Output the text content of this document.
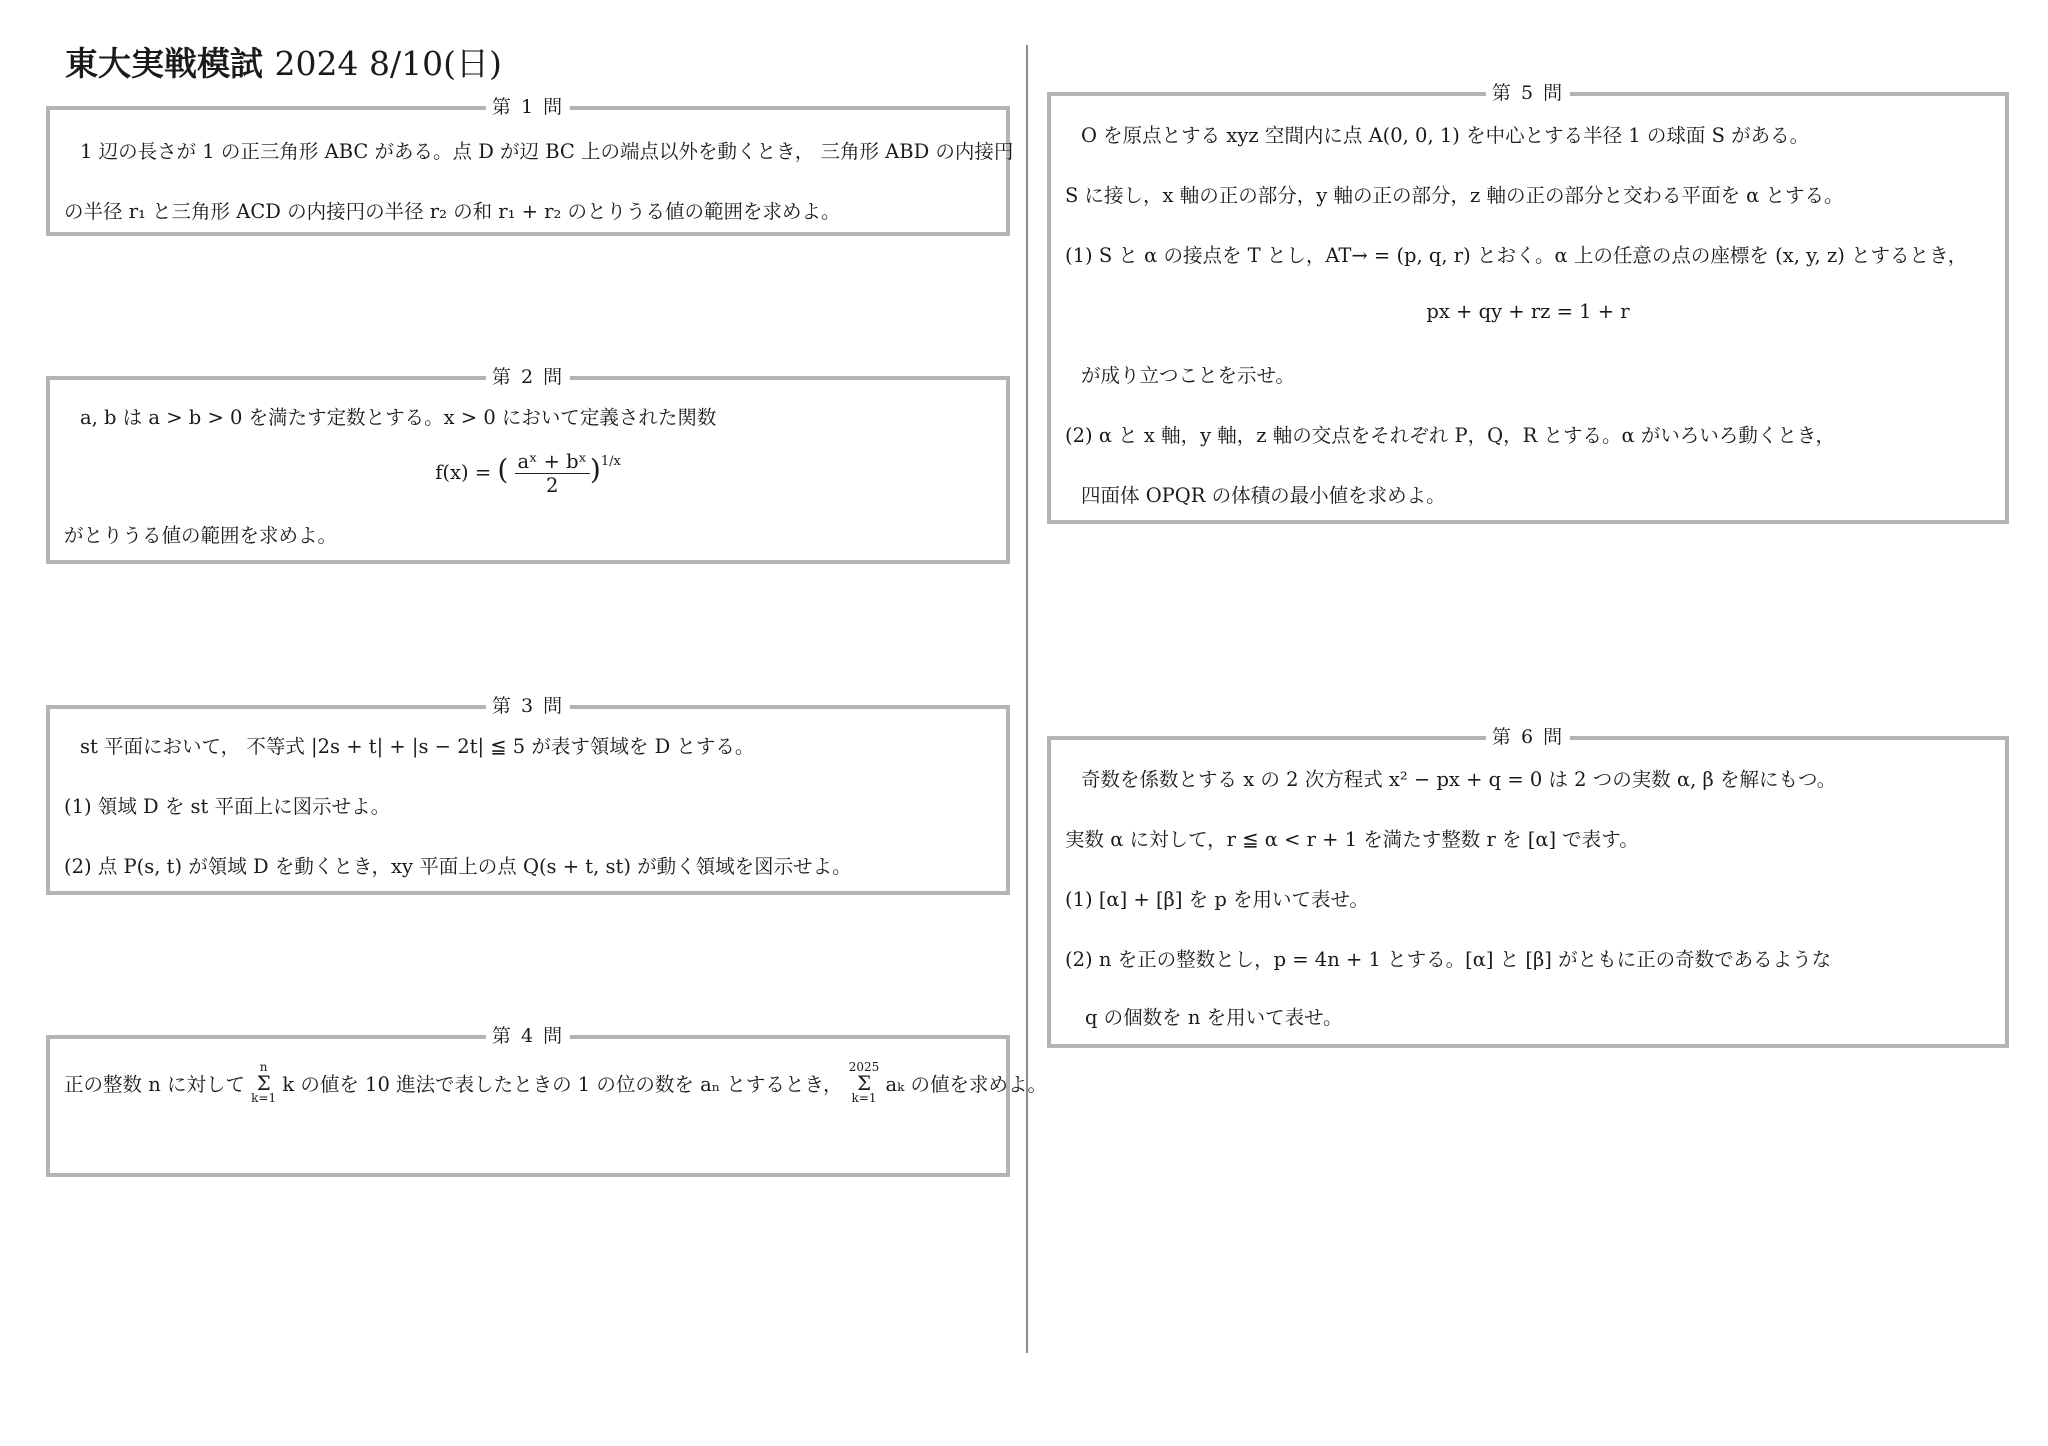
東大実戦模試 2024 8/10(日)
第 1 問
1 辺の長さが 1 の正三角形 ABC がある。点 D が辺 BC 上の端点以外を動くとき， 三角形 ABD の内接円
の半径 r₁ と三角形 ACD の内接円の半径 r₂ の和 r₁ + r₂ のとりうる値の範囲を求めよ。
第 2 問
a, b は a > b > 0 を満たす定数とする。x > 0 において定義された関数
f(x) = ( $\frac{\text{aˣ + bˣ}}{2} )^{1/x}$
がとりうる値の範囲を求めよ。
第 3 問
st 平面において， 不等式 |2s + t| + |s − 2t| ≦ 5 が表す領域を D とする。
(1) 領域 D を st 平面上に図示せよ。
(2) 点 P(s, t) が領域 D を動くとき，xy 平面上の点 Q(s + t, st) が動く領域を図示せよ。
第 4 問
正の整数 n に対して n
Σ
k=1 k の値を 10 進法で表したときの 1 の位の数を aₙ とするとき， 2025
Σ
k=1 aₖ の値を求めよ。
第 5 問
O を原点とする xyz 空間内に点 A(0, 0, 1) を中心とする半径 1 の球面 S がある。
S に接し，x 軸の正の部分，y 軸の正の部分，z 軸の正の部分と交わる平面を α とする。
(1) S と α の接点を T とし，AT→ = (p, q, r) とおく。α 上の任意の点の座標を (x, y, z) とするとき，
px + qy + rz = 1 + r
が成り立つことを示せ。
(2) α と x 軸，y 軸，z 軸の交点をそれぞれ P，Q，R とする。α がいろいろ動くとき，
四面体 OPQR の体積の最小値を求めよ。
第 6 問
奇数を係数とする x の 2 次方程式 x² − px + q = 0 は 2 つの実数 α, β を解にもつ。
実数 α に対して，r ≦ α < r + 1 を満たす整数 r を [α] で表す。
(1) [α] + [β] を p を用いて表せ。
(2) n を正の整数とし，p = 4n + 1 とする。[α] と [β] がともに正の奇数であるような
q の個数を n を用いて表せ。
